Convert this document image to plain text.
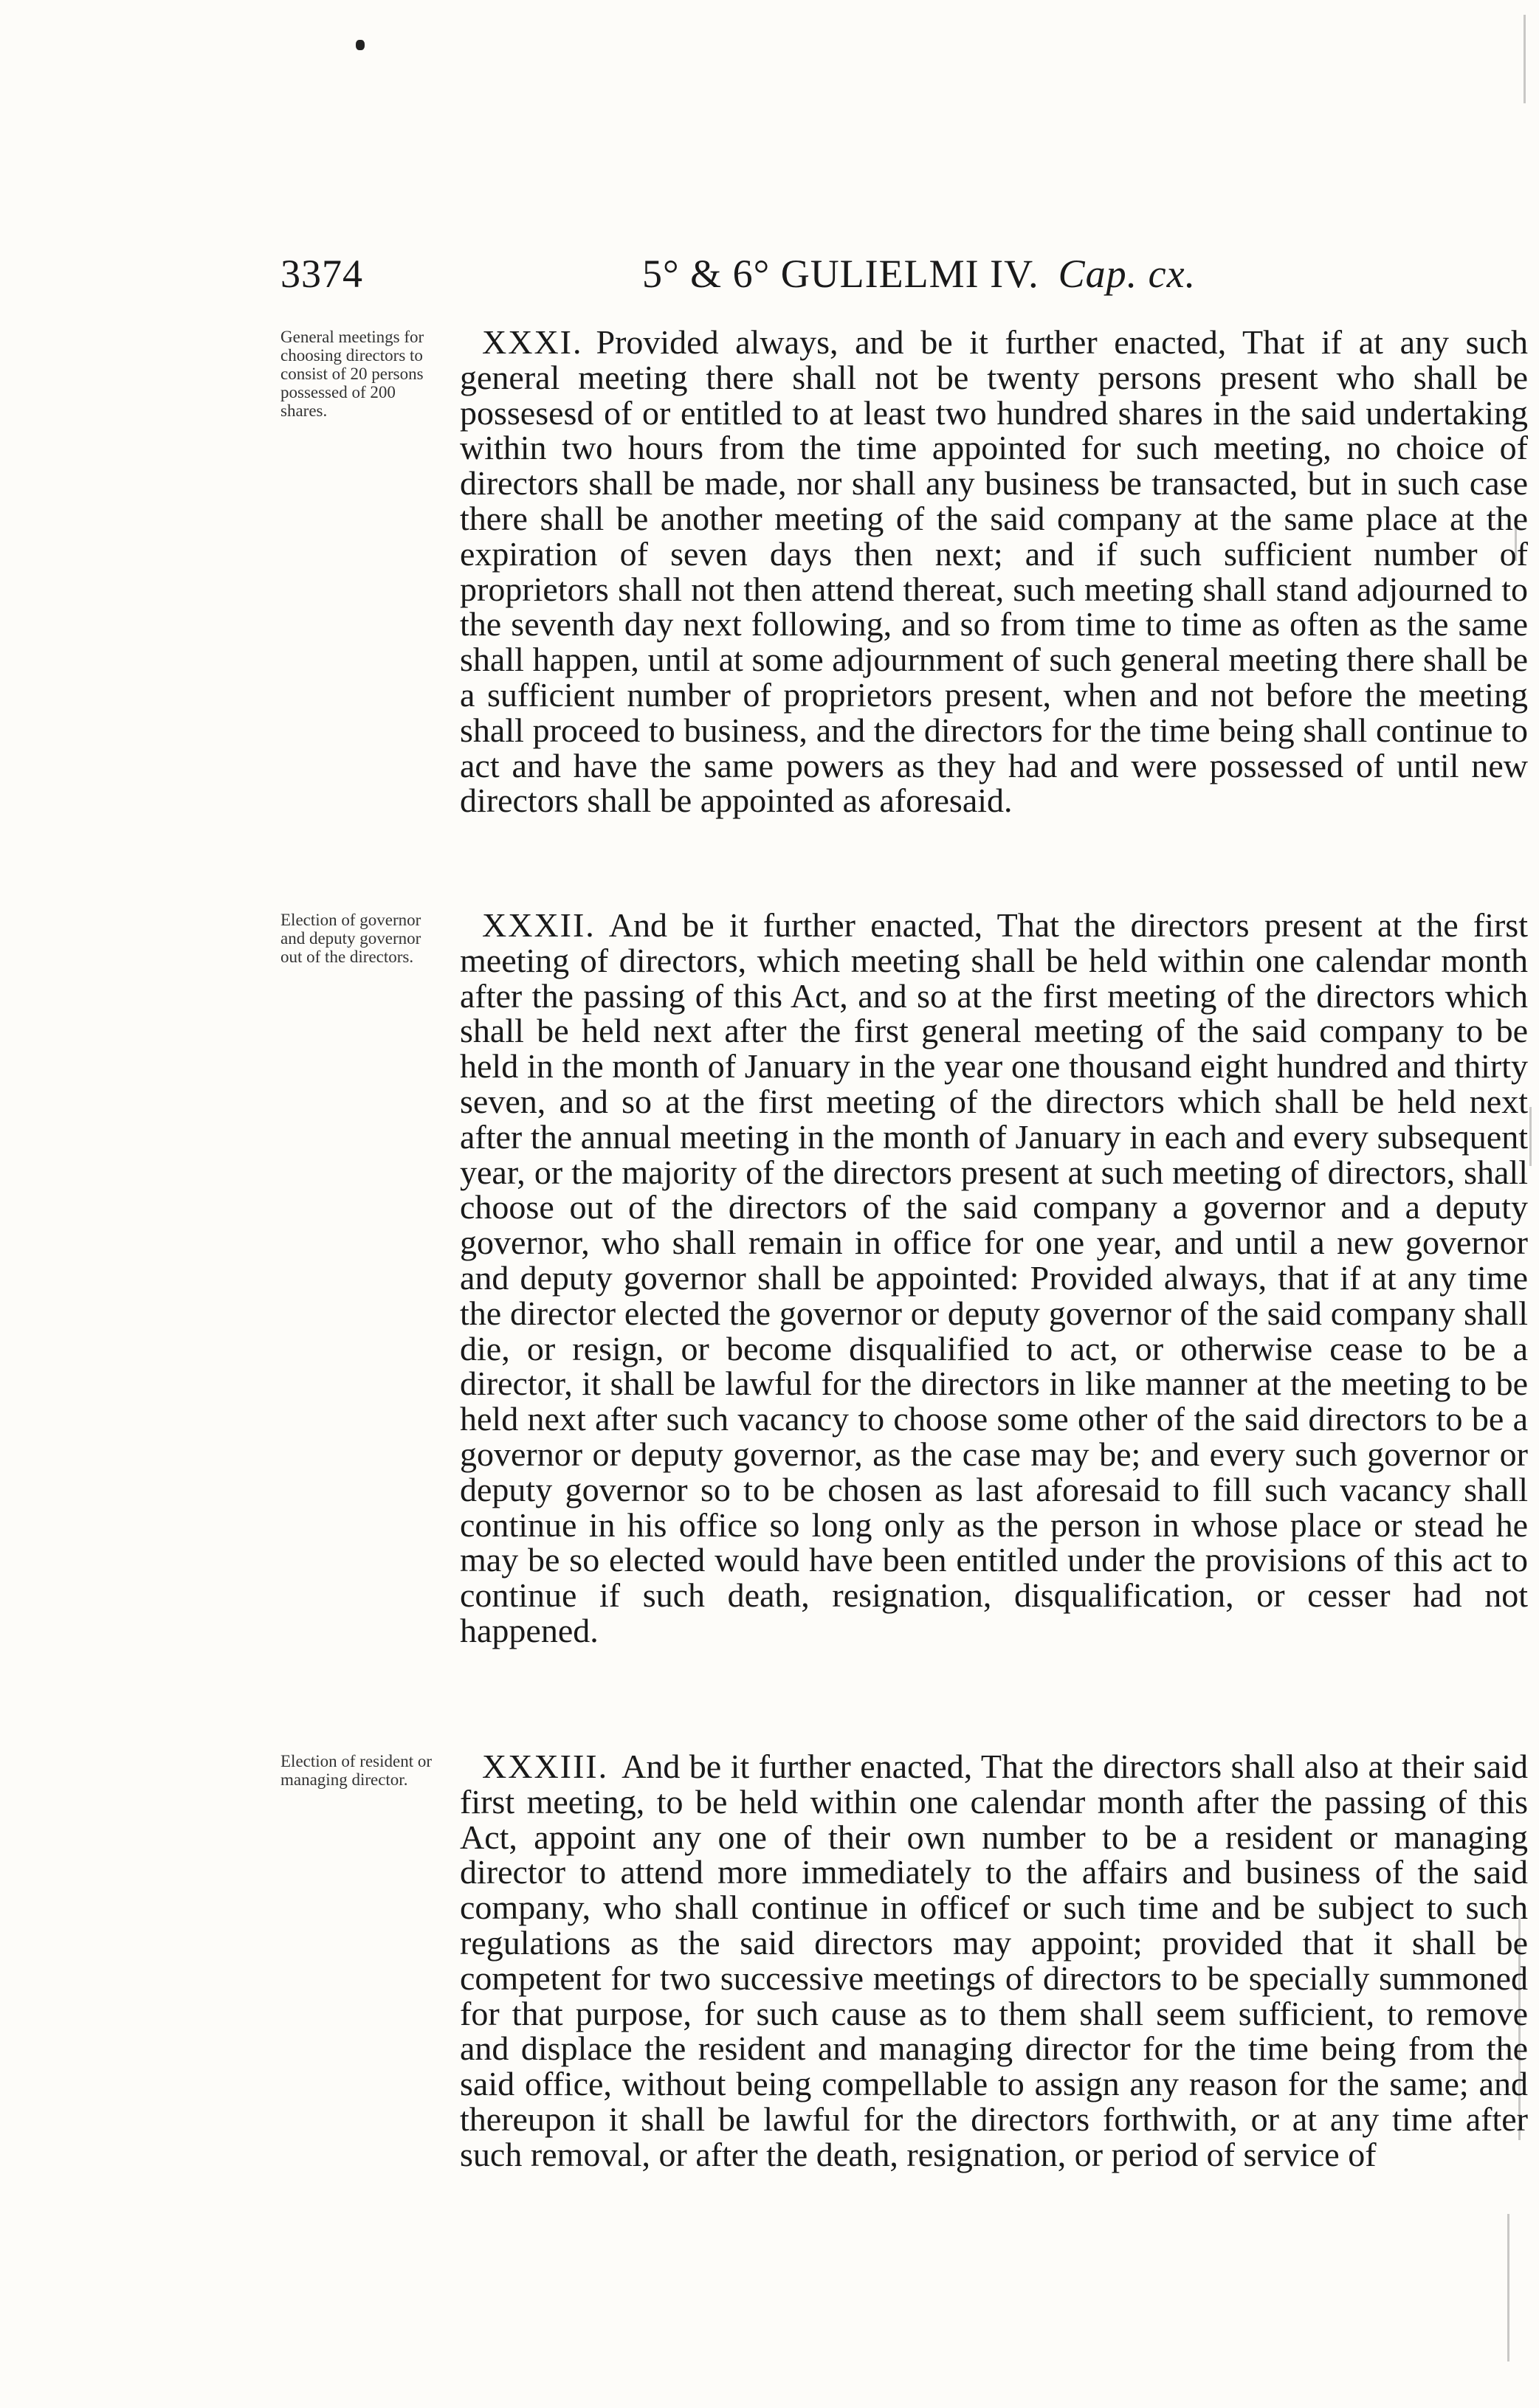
3374	5° & 6° GULIELMI IV. Cap. cx.
General meetings for choosing directors to consist of 20 persons possessed of 200 shares.
XXXI. Provided always, and be it further enacted, That if at any such general meeting there shall not be twenty persons present who shall be possesesd of or entitled to at least two hundred shares in the said undertaking within two hours from the time appointed for such meeting, no choice of directors shall be made, nor shall any business be transacted, but in such case there shall be another meeting of the said company at the same place at the expiration of seven days then next; and if such sufficient number of proprietors shall not then attend thereat, such meeting shall stand adjourned to the seventh day next following, and so from time to time as often as the same shall happen, until at some adjournment of such general meeting there shall be a sufficient number of proprietors present, when and not before the meeting shall proceed to business, and the directors for the time being shall continue to act and have the same powers as they had and were possessed of until new directors shall be appointed as aforesaid.
Election of governor and deputy governor out of the directors.
XXXII. And be it further enacted, That the directors present at the first meeting of directors, which meeting shall be held within one calendar month after the passing of this Act, and so at the first meeting of the directors which shall be held next after the first general meeting of the said company to be held in the month of January in the year one thousand eight hundred and thirty seven, and so at the first meeting of the directors which shall be held next after the annual meeting in the month of January in each and every subsequent year, or the majority of the directors present at such meeting of directors, shall choose out of the directors of the said company a governor and a deputy governor, who shall remain in office for one year, and until a new governor and deputy governor shall be appointed: Provided always, that if at any time the director elected the governor or deputy governor of the said company shall die, or resign, or become disqualified to act, or otherwise cease to be a director, it shall be lawful for the directors in like manner at the meeting to be held next after such vacancy to choose some other of the said directors to be a governor or deputy governor, as the case may be; and every such governor or deputy governor so to be chosen as last aforesaid to fill such vacancy shall continue in his office so long only as the person in whose place or stead he may be so elected would have been entitled under the provisions of this act to continue if such death, resignation, disqualification, or cesser had not happened.
Election of resident or managing director.	XXXIII. And be it further enacted, That the directors shall also at their said first meeting, to be held within one calendar month after the passing of this Act, appoint any one of their own number to be a resident or managing director to attend more immediately to the affairs and business of the said company, who shall continue in officef or such time and be subject to such regulations as the said directors may appoint; provided that it shall be competent for two successive meetings of directors to be specially summoned for that purpose, for such cause as to them shall seem sufficient, to remove and displace the resident and managing director for the time being from the said office, without being compellable to assign any reason for the same; and thereupon it shall be lawful for the directors forthwith, or at any time after such removal, or after the death, resignation, or period of service of
